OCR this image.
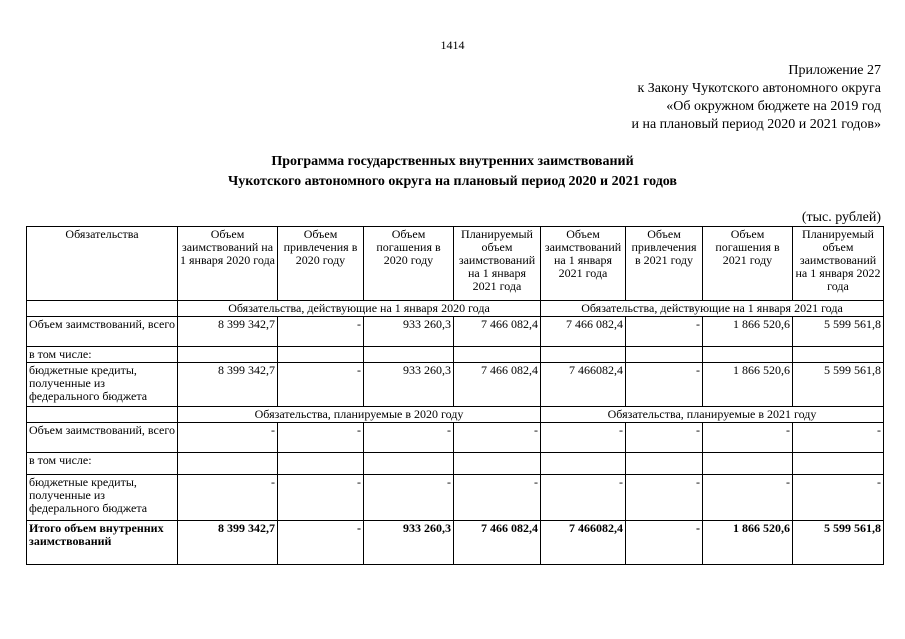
1414
Приложение 27
к Закону Чукотского автономного округа
«Об окружном бюджете на 2019 год
и на плановый период 2020 и 2021 годов»
Программа государственных внутренних заимствований
Чукотского автономного округа на плановый период 2020 и 2021 годов
(тыс. рублей)
Обязательства	Объем заимствований на 1 января 2020 года	Объем привлечения в 2020 году	Объем погашения в 2020 году	Планируемый объем заимствований на 1 января 2021 года	Объем заимствований на 1 января 2021 года	Объем привлечения в 2021 году	Объем погашения в 2021 году	Планируемый объем заимствований на 1 января 2022 года
	Обязательства, действующие на 1 января 2020 года				Обязательства, действующие на 1 января 2021 года			
Объем заимствований, всего	8 399 342,7	-	933 260,3	7 466 082,4	7 466 082,4	-	1 866 520,6	5 599 561,8
в том числе:								
бюджетные кредиты, полученные из федерального бюджета	8 399 342,7	-	933 260,3	7 466 082,4	7 466082,4	-	1 866 520,6	5 599 561,8
	Обязательства, планируемые в 2020 году				Обязательства, планируемые в 2021 году			
Объем заимствований, всего	-	-	-	-	-	-	-	-
в том числе:								
бюджетные кредиты, полученные из федерального бюджета	-	-	-	-	-	-	-	-
Итого объем внутренних заимствований	8 399 342,7	-	933 260,3	7 466 082,4	7 466082,4	-	1 866 520,6	5 599 561,8
